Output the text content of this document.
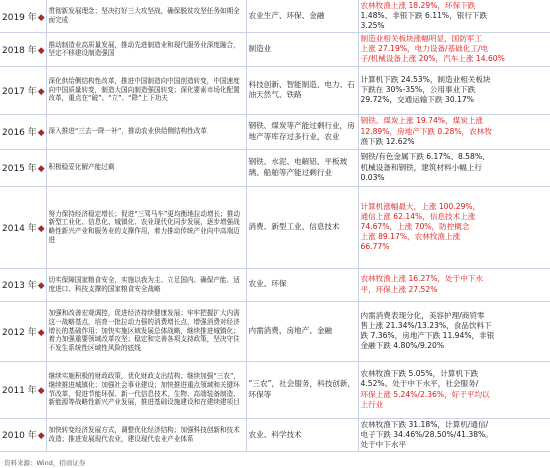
2019 年◆	贯彻新发展理念；坚决打好三大攻坚战，确保脱贫攻坚任务如期全面完成	农业生产、环保、金融	农林牧渔上涨 18.29%，环保下跌
1.48%、非银下跌 6.11%，银行下跌
3.25%

2018 年◆	推动制造业高质量发展，推动先进制造业和现代服务业深度融合，坚定不移建设制造强国	制造业	制造业相关板块涨幅明显，国防军工
上涨 27.19%，电力设备/基础化工/电
子/机械设备上涨 20%，汽车上涨 14.60%

2017 年◆	深化供给侧结构性改革，推进中国制造向中国创造转变，中国速度向中国质量转变，制造大国向制造强国转变；深化要素市场化配置改革，重点在“破”、“立”、“降”上下功夫	科技创新、智能制造、电力、石油天然气、铁路	计算机下跌 24.53%，制造业相关板块
下跌在 30%-35%，公用事业下跌
29.72%，交通运输下跌 30.17%

2016 年◆	深入推进“三去一降一补”，推动农业供给侧结构性改革	钢铁、煤炭等产能过剩行业，房地产等库存过多行业，农业	钢铁、煤炭上涨 19.74%，煤炭上涨
12.89%，房地产下跌 0.28%，农林牧
渔下跌 12.62%

2015 年◆	积极稳妥化解产能过剩	钢铁、水泥、电解铝、平板玻璃、船舶等产能过剩行业	钢铁/有色金属下跌 6.17%、8.58%、
机械设备和钢铁，建筑材料小幅上行
0.03%

2014 年◆	努力保持经济稳定增长；促进“三驾马车”更均衡地拉动增长；推动新型工业化、信息化、城镇化、农业现代化同步发展，逐步增强战略性新兴产业和服务业的支撑作用，着力推动传统产业向中高端迈进	消费、新型工业、信息技术	计算机涨幅最大，上涨 100.29%，
通信上涨 62.14%，信息技术上涨
74.67%，上涨 70%，防控概念
上涨 89.17%，农林牧渔上涨
66.77%

2013 年◆	切实保障国家粮食安全，实施以我为主、立足国内、确保产能、适度进口、科技支撑的国家粮食安全战略	农业、环保	农林牧渔上涨 16.27%，处于中下水
平，环保上涨 27.52%

2012 年◆	加强和改善宏观调控，促进经济持续健康发展；牢牢把握扩大内需这一战略基点，培育一批拉动力强的消费增长点，增强消费对经济增长的基础作用；加快实施区域发展总体战略，继续推进城镇化；着力加强重要领域改革攻坚；稳定和完善各项支持政策，坚决守住不发生系统性区域性风险的底线	内需消费、房地产、金融	内需消费表现分化，美容护理/商贸零
售上涨 21.34%/13.23%，食品饮料下
跌 7.36%，房地产下跌 11.94%，非银
金融下跌 4.80%/9.20%

2011 年◆	继续实施积极的财政政策，优化财政支出结构；继续加强“三农”，继续推进城镇化；加强社会事业建设；加快推进重点领域和关键环节改革，促进节能环保、新一代信息技术、生物、高端装备制造、新能源等战略性新兴产业发展，推进基础设施建设和在建续建项目	“三农”，社会服务，科技创新，环保等	农林牧渔下跌 5.05%，计算机下跌
4.52%。处于中下水平，社会服务/
环保上涨 5.24%/2.36%，好于平均以
上行业

2010 年◆	加快转变经济发展方式，调整优化经济结构；加强科技创新和技术改造；推进发展现代农业，建设现代农业产业体系	农业、科学技术	农林牧渔下跌 31.18%，计算机/通信/
电子下跌 34.46%/28.50%/41.38%。
处于中下水平
资料来源：Wind，招商证券
